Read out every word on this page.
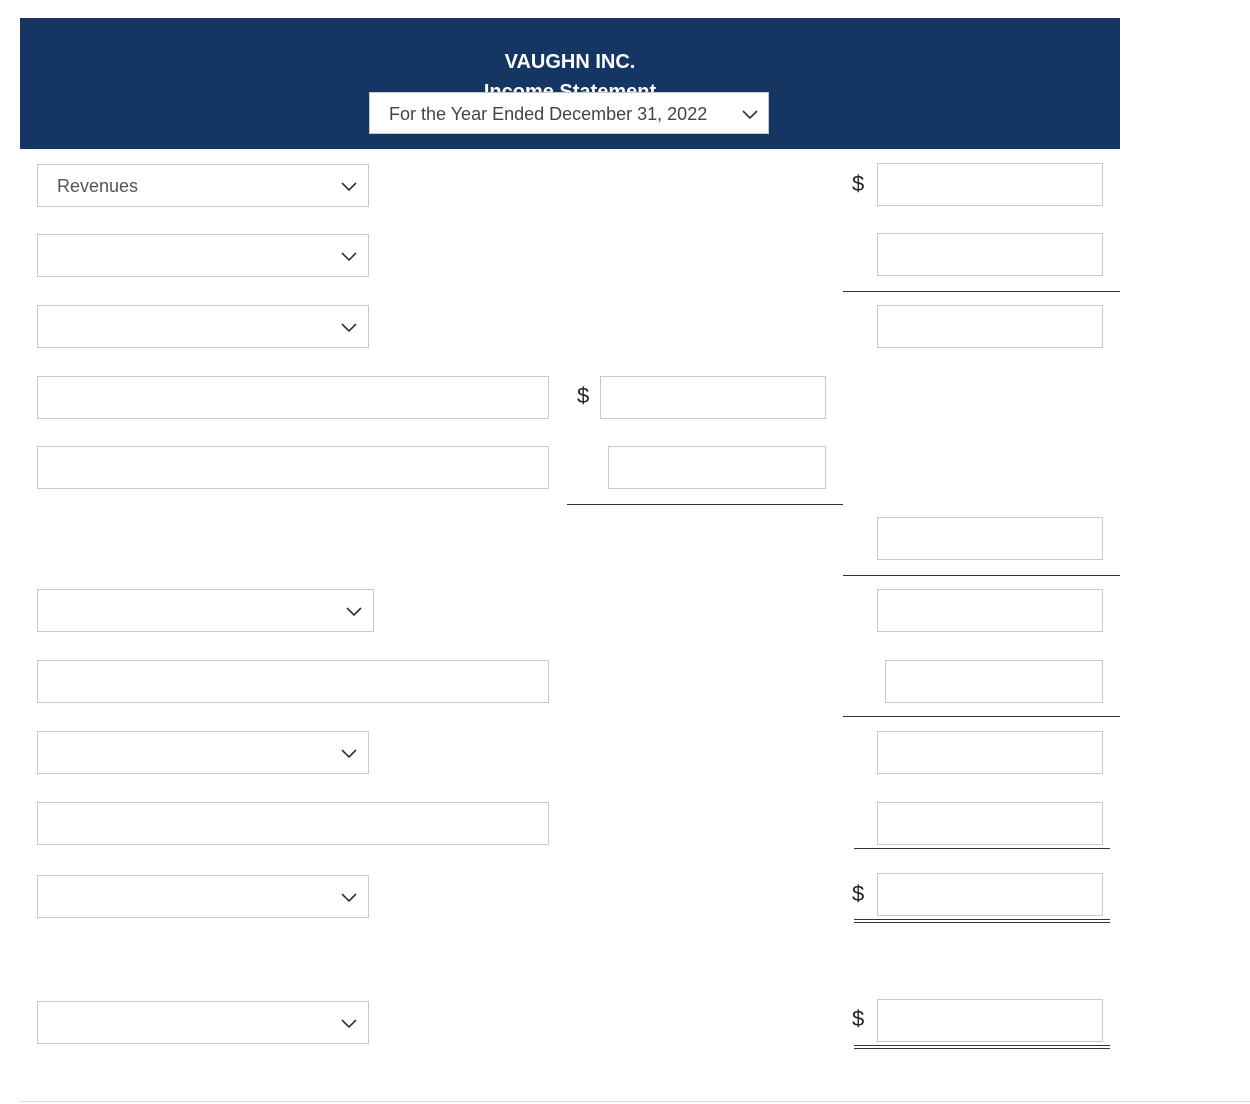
VAUGHN INC.
For the Year Ended December 31, 2022
Revenues	$
$
$
$
